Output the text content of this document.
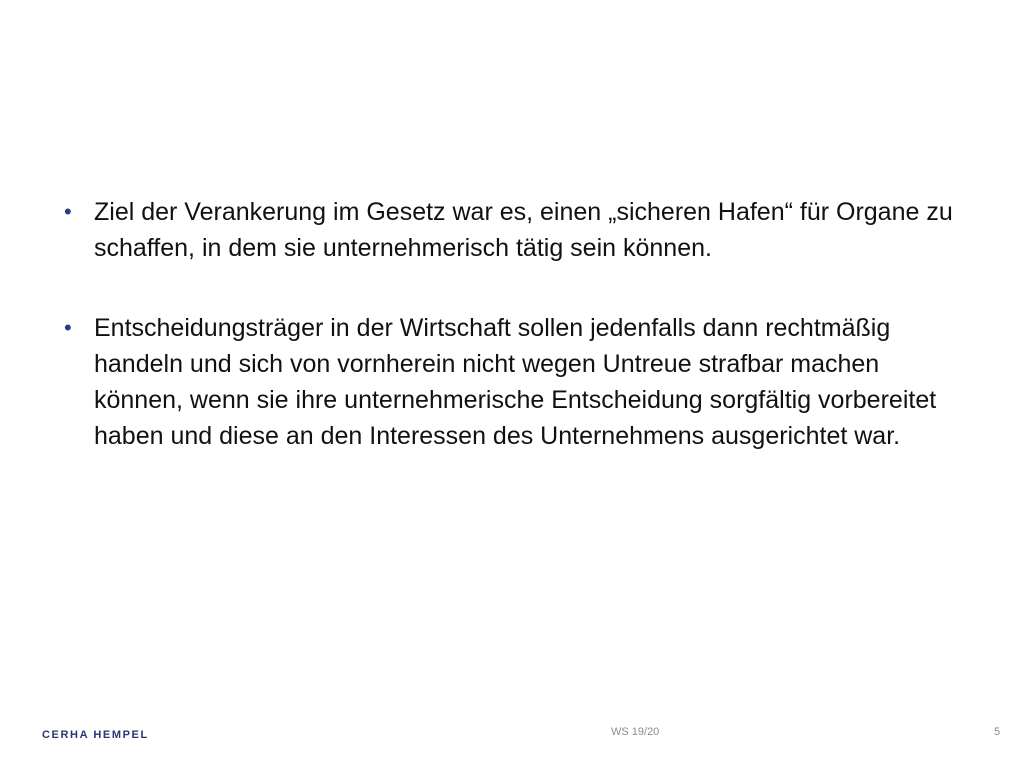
• Ziel der Verankerung im Gesetz war es, einen „sicheren Hafen“ für Organe zu schaffen, in dem sie unternehmerisch tätig sein können.
• Entscheidungsträger in der Wirtschaft sollen jedenfalls dann rechtmäßig handeln und sich von vornherein nicht wegen Untreue strafbar machen können, wenn sie ihre unternehmerische Entscheidung sorgfältig vorbereitet haben und diese an den Interessen des Unternehmens ausgerichtet war.
CERHA HEMPEL	WS 19/20	5
